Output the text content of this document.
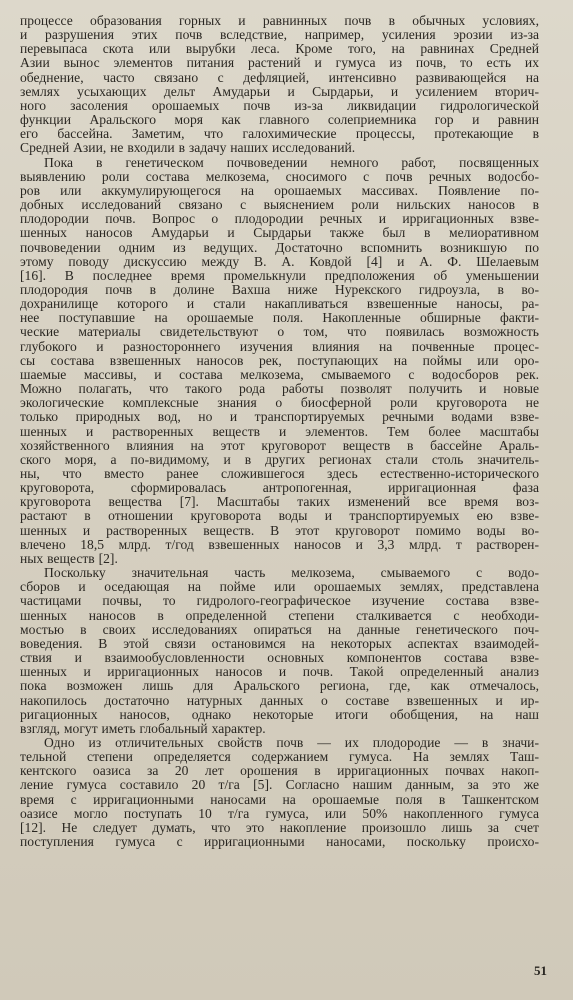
процессе образования горных и равнинных почв в обычных условиях,
и разрушения этих почв вследствие, например, усиления эрозии из-за
перевыпаса скота или вырубки леса. Кроме того, на равнинах Средней
Азии вынос элементов питания растений и гумуса из почв, то есть их
обеднение, часто связано с дефляцией, интенсивно развивающейся на
землях усыхающих дельт Амударьи и Сырдарьи, и усилением вторич-
ного засоления орошаемых почв из-за ликвидации гидрологической
функции Аральского моря как главного солеприемника гор и равнин
его бассейна. Заметим, что галохимические процессы, протекающие в
Средней Азии, не входили в задачу наших исследований.

Пока в генетическом почвоведении немного работ, посвященных
выявлению роли состава мелкозема, сносимого с почв речных водосбо-
ров или аккумулирующегося на орошаемых массивах. Появление по-
добных исследований связано с выяснением роли нильских наносов в
плодородии почв. Вопрос о плодородии речных и ирригационных взве-
шенных наносов Амударьи и Сырдарьи также был в мелиоративном
почвоведении одним из ведущих. Достаточно вспомнить возникшую по
этому поводу дискуссию между В. А. Ковдой [4] и А. Ф. Шелаевым
[16]. В последнее время промелькнули предположения об уменьшении
плодородия почв в долине Вахша ниже Нурекского гидроузла, в во-
дохранилище которого и стали накапливаться взвешенные наносы, ра-
нее поступавшие на орошаемые поля. Накопленные обширные факти-
ческие материалы свидетельствуют о том, что появилась возможность
глубокого и разностороннего изучения влияния на почвенные процес-
сы состава взвешенных наносов рек, поступающих на поймы или оро-
шаемые массивы, и состава мелкозема, смываемого с водосборов рек.
Можно полагать, что такого рода работы позволят получить и новые
экологические комплексные знания о биосферной роли круговорота не
только природных вод, но и транспортируемых речными водами взве-
шенных и растворенных веществ и элементов. Тем более масштабы
хозяйственного влияния на этот круговорот веществ в бассейне Араль-
ского моря, а по-видимому, и в других регионах стали столь значитель-
ны, что вместо ранее сложившегося здесь естественно-исторического
круговорота, сформировалась антропогенная, ирригационная фаза
круговорота вещества [7]. Масштабы таких изменений все время воз-
растают в отношении круговорота воды и транспортируемых ею взве-
шенных и растворенных веществ. В этот круговорот помимо воды во-
влечено 18,5 млрд. т/год взвешенных наносов и 3,3 млрд. т растворен-
ных веществ [2].

Поскольку значительная часть мелкозема, смываемого с водо-
сборов и оседающая на пойме или орошаемых землях, представлена
частицами почвы, то гидролого-географическое изучение состава взве-
шенных наносов в определенной степени сталкивается с необходи-
мостью в своих исследованиях опираться на данные генетического поч-
воведения. В этой связи остановимся на некоторых аспектах взаимодей-
ствия и взаимообусловленности основных компонентов состава взве-
шенных и ирригационных наносов и почв. Такой определенный анализ
пока возможен лишь для Аральского региона, где, как отмечалось,
накопилось достаточно натурных данных о составе взвешенных и ир-
ригационных наносов, однако некоторые итоги обобщения, на наш
взгляд, могут иметь глобальный характер.

Одно из отличительных свойств почв — их плодородие — в значи-
тельной степени определяется содержанием гумуса. На землях Таш-
кентского оазиса за 20 лет орошения в ирригационных почвах накоп-
ление гумуса составило 20 т/га [5]. Согласно нашим данным, за это же
время с ирригационными наносами на орошаемые поля в Ташкентском
оазисе могло поступать 10 т/га гумуса, или 50% накопленного гумуса
[12]. Не следует думать, что это накопление произошло лишь за счет
поступления гумуса с ирригационными наносами, поскольку происхо-

51
